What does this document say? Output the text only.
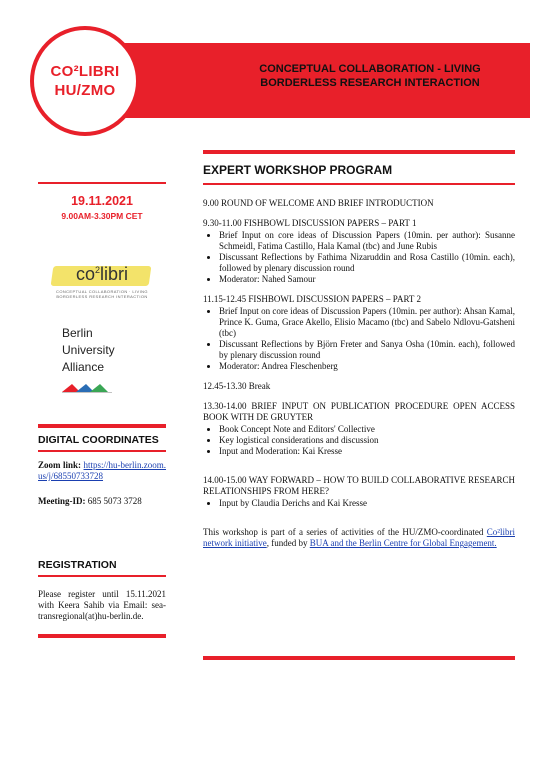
CO²LIBRI
HU/ZMO
CONCEPTUAL COLLABORATION - LIVING
BORDERLESS RESEARCH INTERACTION
19.11.2021
9.00AM-3.30PM CET
$co^2libri$
CONCEPTUAL COLLABORATION · LIVING
BORDERLESS RESEARCH INTERACTION
Berlin
University
Alliance
DIGITAL COORDINATES
Zoom link: https://hu-berlin.zoom.us/j/68550733728
Meeting-ID: 685 5073 3728
REGISTRATION
Please register until 15.11.2021 with Keera Sahib via Email: sea-transregional(at)hu-berlin.de.
EXPERT WORKSHOP PROGRAM
9.00 ROUND OF WELCOME AND BRIEF INTRODUCTION
9.30-11.00 FISHBOWL DISCUSSION PAPERS – PART 1
• Brief Input on core ideas of Discussion Papers (10min. per author): Susanne Schmeidl, Fatima Castillo, Hala Kamal (tbc) and June Rubis
• Discussant Reflections by Fathima Nizaruddin and Rosa Castillo (10min. each), followed by plenary discussion round
• Moderator: Nahed Samour
11.15-12.45 FISHBOWL DISCUSSION PAPERS – PART 2
• Brief Input on core ideas of Discussion Papers (10min. per author): Ahsan Kamal, Prince K. Guma, Grace Akello, Elisio Macamo (tbc) and Sabelo Ndlovu-Gatsheni (tbc)
• Discussant Reflections by Björn Freter and Sanya Osha (10min. each), followed by plenary discussion round
• Moderator: Andrea Fleschenberg
12.45-13.30 Break
13.30-14.00 BRIEF INPUT ON PUBLICATION PROCEDURE OPEN ACCESS BOOK WITH DE GRUYTER
• Book Concept Note and Editors' Collective
• Key logistical considerations and discussion
• Input and Moderation: Kai Kresse
14.00-15.00 WAY FORWARD – HOW TO BUILD COLLABORATIVE RESEARCH RELATIONSHIPS FROM HERE?
• Input by Claudia Derichs and Kai Kresse
This workshop is part of a series of activities of the HU/ZMO-coordinated Co²libri network initiative, funded by BUA and the Berlin Centre for Global Engagement.
